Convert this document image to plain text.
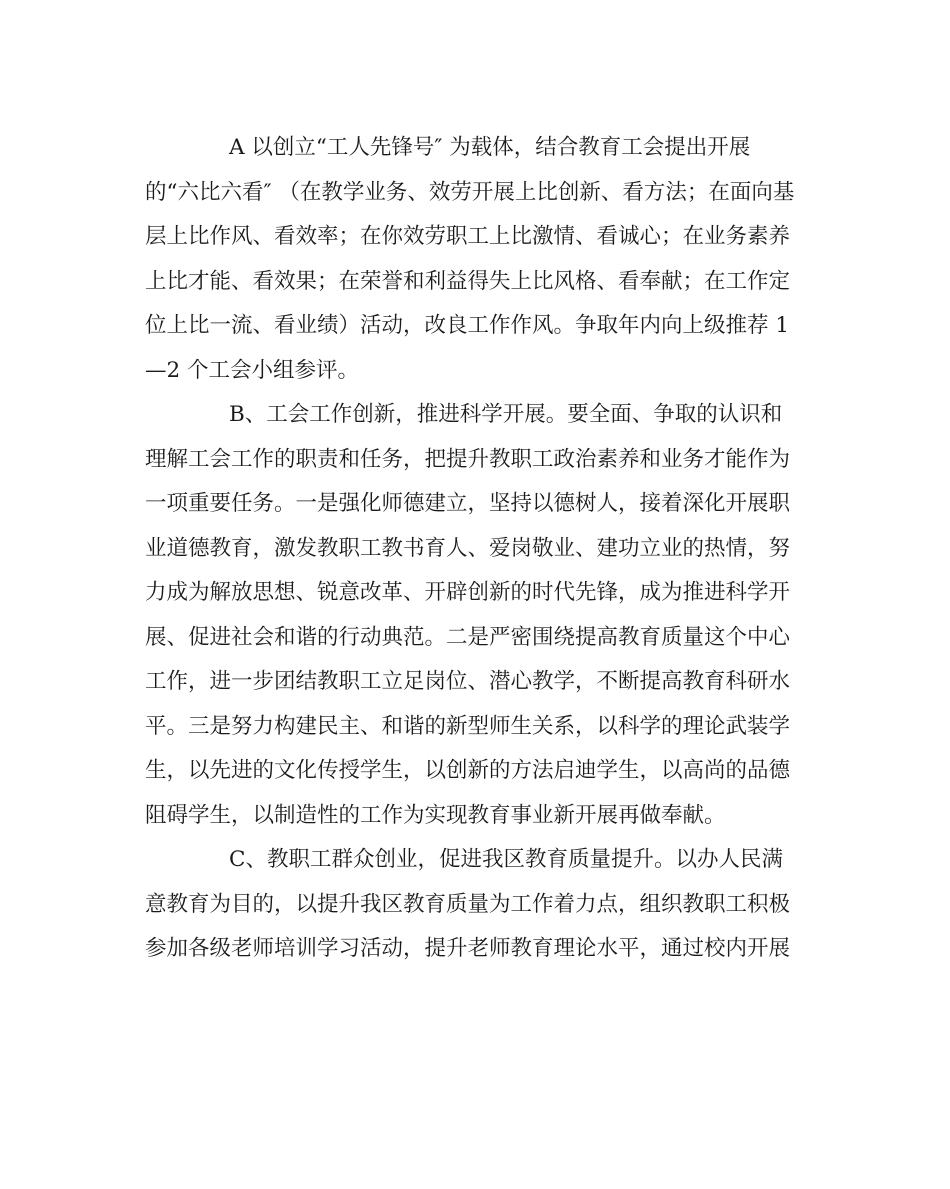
A 以创立“工人先锋号″ 为载体，结合教育工会提出开展
的“六比六看″ （在教学业务、效劳开展上比创新、看方法；在面向基
层上比作风、看效率；在你效劳职工上比激情、看诚心；在业务素养
上比才能、看效果；在荣誉和利益得失上比风格、看奉献；在工作定
位上比一流、看业绩）活动，改良工作作风。争取年内向上级推荐 1
—2 个工会小组参评。
B、工会工作创新，推进科学开展。要全面、争取的认识和
理解工会工作的职责和任务，把提升教职工政治素养和业务才能作为
一项重要任务。一是强化师德建立，坚持以德树人，接着深化开展职
业道德教育，激发教职工教书育人、爱岗敬业、建功立业的热情，努
力成为解放思想、锐意改革、开辟创新的时代先锋，成为推进科学开
展、促进社会和谐的行动典范。二是严密围绕提高教育质量这个中心
工作，进一步团结教职工立足岗位、潜心教学，不断提高教育科研水
平。三是努力构建民主、和谐的新型师生关系，以科学的理论武装学
生，以先进的文化传授学生，以创新的方法启迪学生，以高尚的品德
阻碍学生，以制造性的工作为实现教育事业新开展再做奉献。
C、教职工群众创业，促进我区教育质量提升。以办人民满
意教育为目的，以提升我区教育质量为工作着力点，组织教职工积极
参加各级老师培训学习活动，提升老师教育理论水平，通过校内开展
